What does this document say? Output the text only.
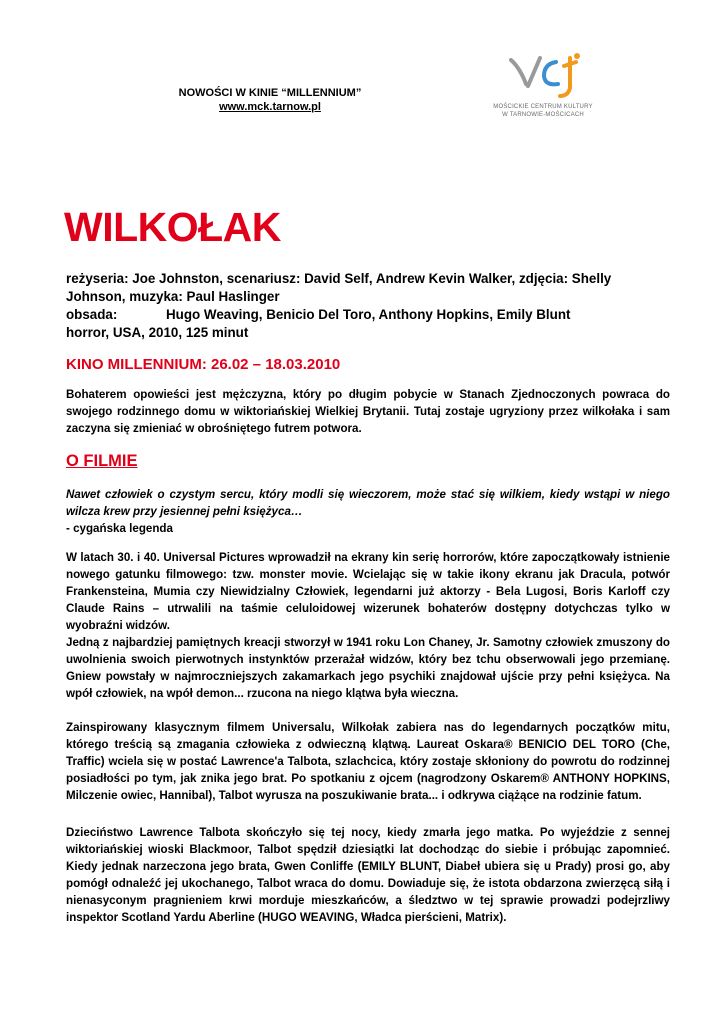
NOWOŚCI W KINIE “MILLENNIUM”
www.mck.tarnow.pl	MOŚCICKIE CENTRUM KULTURY
W TARNOWIE-MOŚCICACH
WILKOŁAK
reżyseria: Joe Johnston, scenariusz: David Self, Andrew Kevin Walker, zdjęcia: Shelly
Johnson, muzyka: Paul Haslinger
obsada:	Hugo Weaving, Benicio Del Toro, Anthony Hopkins, Emily Blunt
horror, USA, 2010, 125 minut
KINO MILLENNIUM: 26.02 – 18.03.2010

Bohaterem opowieści jest mężczyzna, który po długim pobycie w Stanach Zjednoczonych powraca do swojego rodzinnego domu w wiktoriańskiej Wielkiej Brytanii. Tutaj zostaje ugryziony przez wilkołaka i sam zaczyna się zmieniać w obrośniętego futrem potwora.

O FILMIE
Nawet człowiek o czystym sercu, który modli się wieczorem, może stać się wilkiem, kiedy wstąpi w niego wilcza krew przy jesiennej pełni księżyca…
- cygańska legenda

W latach 30. i 40. Universal Pictures wprowadził na ekrany kin serię horrorów, które zapoczątkowały istnienie nowego gatunku filmowego: tzw. monster movie. Wcielając się w takie ikony ekranu jak Dracula, potwór Frankensteina, Mumia czy Niewidzialny Człowiek, legendarni już aktorzy - Bela Lugosi, Boris Karloff czy Claude Rains – utrwalili na taśmie celuloidowej wizerunek bohaterów dostępny dotychczas tylko w wyobraźni widzów.

Jedną z najbardziej pamiętnych kreacji stworzył w 1941 roku Lon Chaney, Jr. Samotny człowiek zmuszony do uwolnienia swoich pierwotnych instynktów przerażał widzów, który bez tchu obserwowali jego przemianę. Gniew powstały w najmroczniejszych zakamarkach jego psychiki znajdował ujście przy pełni księżyca. Na wpół człowiek, na wpół demon... rzucona na niego klątwa była wieczna.

Zainspirowany klasycznym filmem Universalu, Wilkołak zabiera nas do legendarnych początków mitu, którego treścią są zmagania człowieka z odwieczną klątwą. Laureat Oskara® BENICIO DEL TORO (Che, Traffic) wciela się w postać Lawrence'a Talbota, szlachcica, który zostaje skłoniony do powrotu do rodzinnej posiadłości po tym, jak znika jego brat. Po spotkaniu z ojcem (nagrodzony Oskarem® ANTHONY HOPKINS, Milczenie owiec, Hannibal), Talbot wyrusza na poszukiwanie brata... i odkrywa ciążące na rodzinie fatum.

Dzieciństwo Lawrence Talbota skończyło się tej nocy, kiedy zmarła jego matka. Po wyjeździe z sennej wiktoriańskiej wioski Blackmoor, Talbot spędził dziesiątki lat dochodząc do siebie i próbując zapomnieć. Kiedy jednak narzeczona jego brata, Gwen Conliffe (EMILY BLUNT, Diabeł ubiera się u Prady) prosi go, aby pomógł odnaleźć jej ukochanego, Talbot wraca do domu. Dowiaduje się, że istota obdarzona zwierzęcą siłą i nienasyconym pragnieniem krwi morduje mieszkańców, a śledztwo w tej sprawie prowadzi podejrzliwy inspektor Scotland Yardu Aberline (HUGO WEAVING, Władca pierścieni, Matrix).
